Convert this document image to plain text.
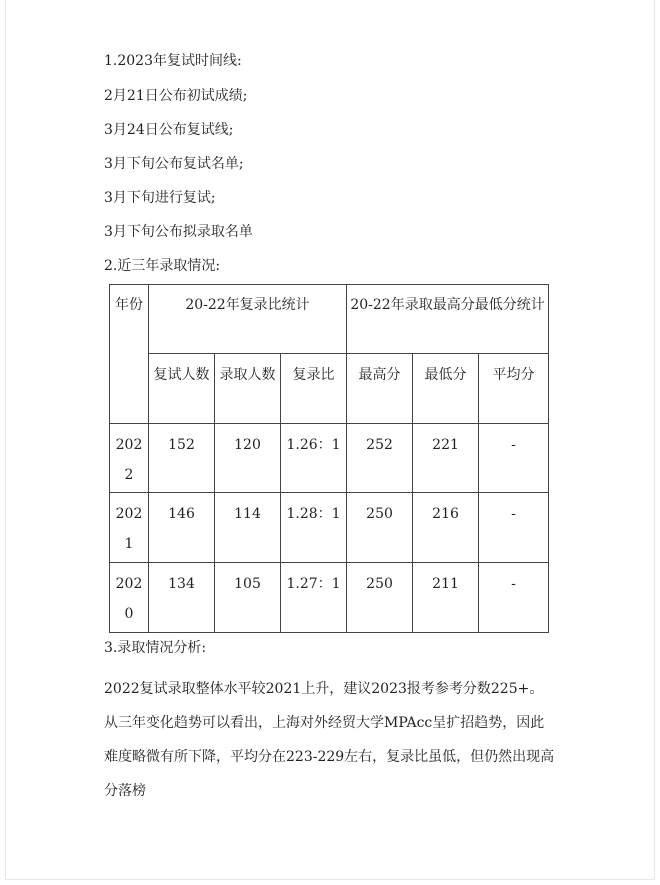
1.2023年复试时间线:
2月21日公布初试成绩;
3月24日公布复试线;
3月下旬公布复试名单;
3月下旬进行复试;
3月下旬公布拟录取名单
2.近三年录取情况:
年份	20-22年复录比统计			20-22年录取最高分最低分统计		
	复试人数	录取人数	复录比	最高分	最低分	平均分
2022	152	120	1.26：1	252	221	-
2021	146	114	1.28：1	250	216	-
2020	134	105	1.27：1	250	211	-
3.录取情况分析:
2022复试录取整体水平较2021上升，建议2023报考参考分数225+。从三年变化趋势可以看出，上海对外经贸大学MPAcc呈扩招趋势，因此难度略微有所下降，平均分在223-229左右，复录比虽低，但仍然出现高分落榜
